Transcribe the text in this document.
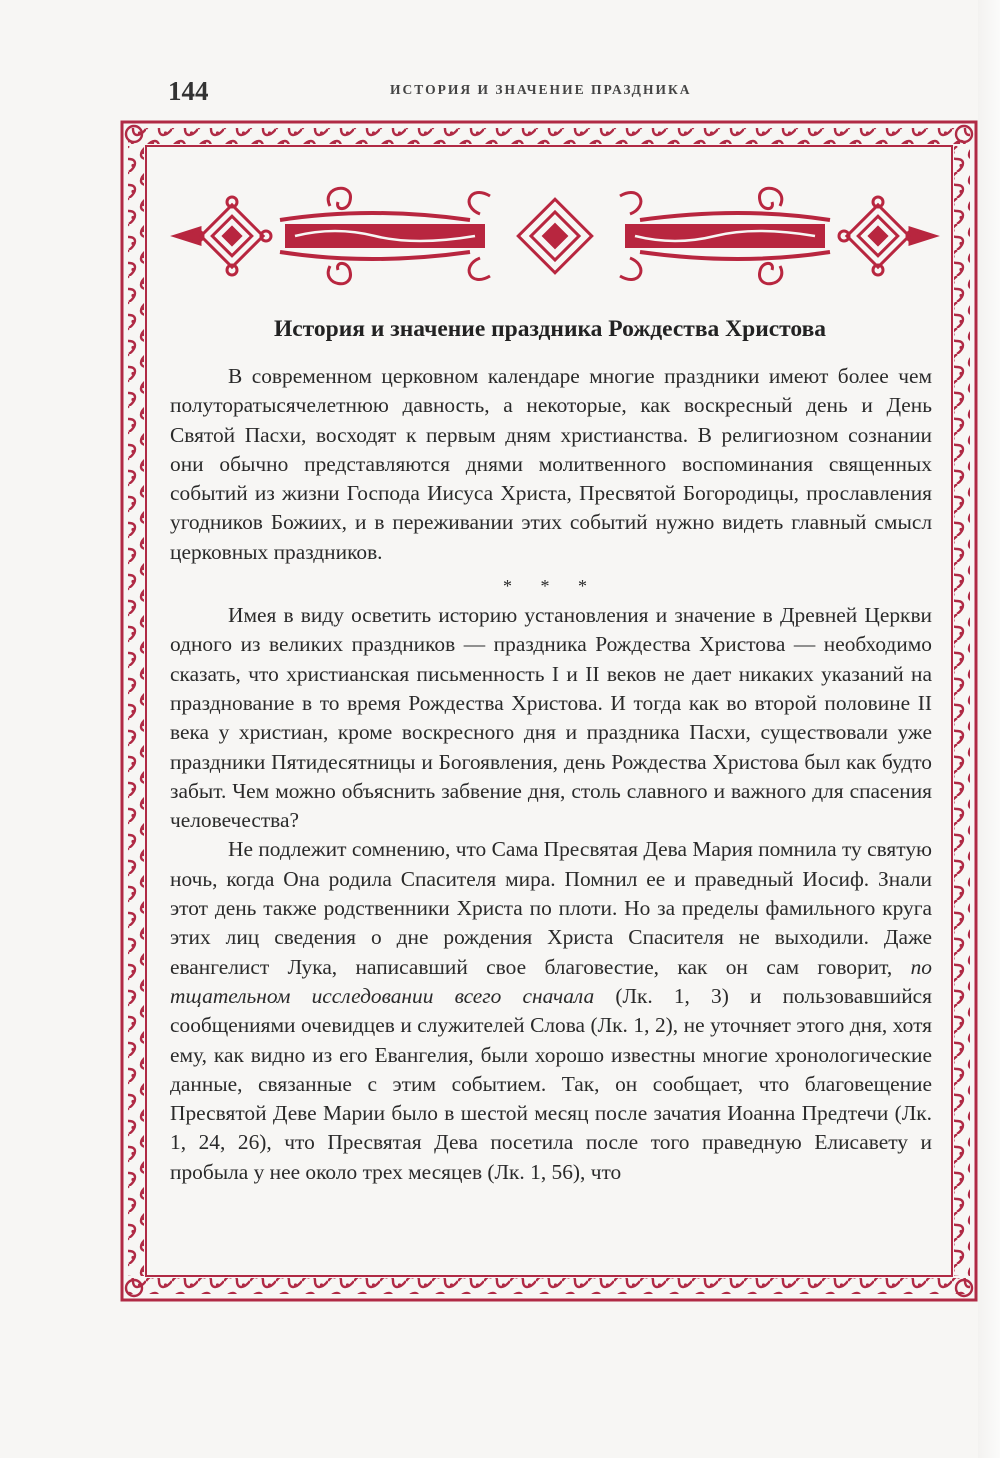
144	ИСТОРИЯ И ЗНАЧЕНИЕ ПРАЗДНИКА
История и значение праздника Рождества Христова

В современном церковном календаре многие праздники имеют более чем полуторатысячелетнюю давность, а некоторые, как воскресный день и День Святой Пасхи, восходят к первым дням христианства. В религиозном сознании они обычно представляются днями молитвенного воспоминания священных событий из жизни Господа Иисуса Христа, Пресвятой Богородицы, прославления угодников Божиих, и в переживании этих событий нужно видеть главный смысл церковных праздников.

* * *

Имея в виду осветить историю установления и значение в Древней Церкви одного из великих праздников — праздника Рождества Христова — необходимо сказать, что христианская письменность I и II веков не дает никаких указаний на празднование в то время Рождества Христова. И тогда как во второй половине II века у христиан, кроме воскресного дня и праздника Пасхи, существовали уже праздники Пятидесятницы и Богоявления, день Рождества Христова был как будто забыт. Чем можно объяснить забвение дня, столь славного и важного для спасения человечества?

Не подлежит сомнению, что Сама Пресвятая Дева Мария помнила ту святую ночь, когда Она родила Спасителя мира. Помнил ее и праведный Иосиф. Знали этот день также родственники Христа по плоти. Но за пределы фамильного круга этих лиц сведения о дне рождения Христа Спасителя не выходили. Даже евангелист Лука, написавший свое благовестие, как он сам говорит, по тщательном исследовании всего сначала (Лк. 1, 3) и пользовавшийся сообщениями очевидцев и служителей Слова (Лк. 1, 2), не уточняет этого дня, хотя ему, как видно из его Евангелия, были хорошо известны многие хронологические данные, связанные с этим событием. Так, он сообщает, что благовещение Пресвятой Деве Марии было в шестой месяц после зачатия Иоанна Предтечи (Лк. 1, 24, 26), что Пресвятая Дева посетила после того праведную Елисавету и пробыла у нее около трех месяцев (Лк. 1, 56), что
